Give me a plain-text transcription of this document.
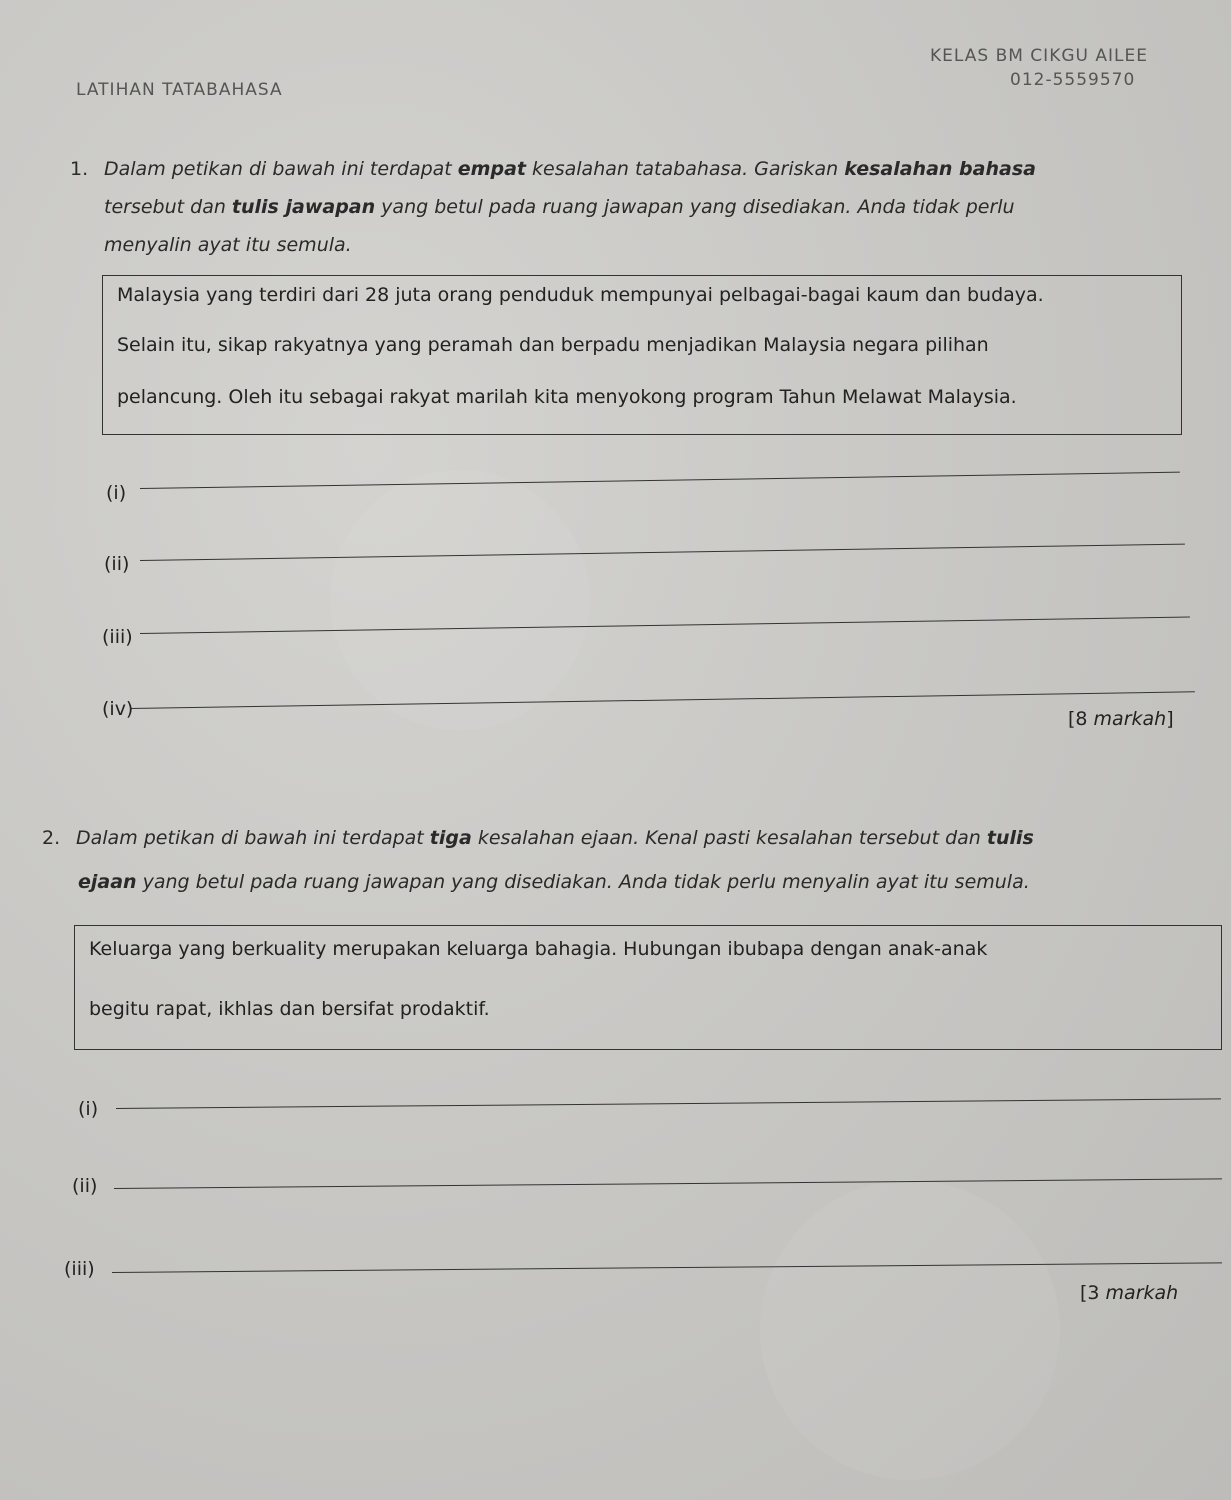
LATIHAN TATABAHASA
KELAS BM CIKGU AILEE
012-5559570
1. Dalam petikan di bawah ini terdapat empat kesalahan tatabahasa. Gariskan kesalahan bahasa
tersebut dan tulis jawapan yang betul pada ruang jawapan yang disediakan. Anda tidak perlu
menyalin ayat itu semula.
Malaysia yang terdiri dari 28 juta orang penduduk mempunyai pelbagai-bagai kaum dan budaya.
Selain itu, sikap rakyatnya yang peramah dan berpadu menjadikan Malaysia negara pilihan
pelancung. Oleh itu sebagai rakyat marilah kita menyokong program Tahun Melawat Malaysia.
(i)
(ii)
(iii)
(iv)	[8 markah]
2. Dalam petikan di bawah ini terdapat tiga kesalahan ejaan. Kenal pasti kesalahan tersebut dan tulis
ejaan yang betul pada ruang jawapan yang disediakan. Anda tidak perlu menyalin ayat itu semula.
Keluarga yang berkuality merupakan keluarga bahagia. Hubungan ibubapa dengan anak-anak
begitu rapat, ikhlas dan bersifat prodaktif.
(i)
(ii)
(iii)
[3 markah
